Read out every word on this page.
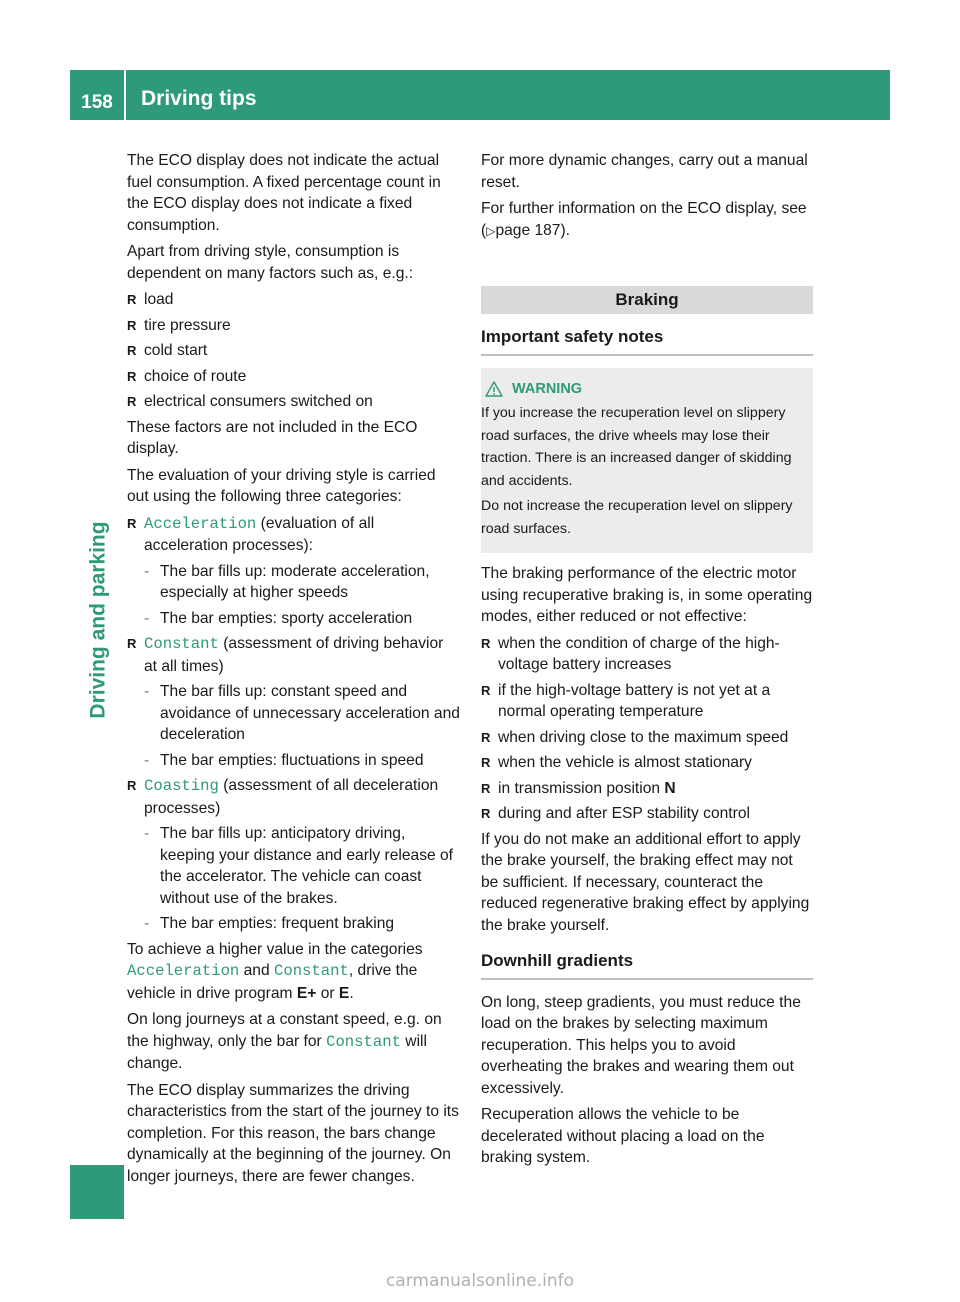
158	Driving tips
Driving and parking

The ECO display does not indicate the actual fuel consumption. A fixed percentage count in the ECO display does not indicate a fixed consumption.

Apart from driving style, consumption is dependent on many factors such as, e.g.:

R load
R tire pressure
R cold start
R choice of route
R electrical consumers switched on

These factors are not included in the ECO display.

The evaluation of your driving style is carried out using the following three categories:

R Acceleration (evaluation of all acceleration processes):
- The bar fills up: moderate acceleration, especially at higher speeds
- The bar empties: sporty acceleration
R Constant (assessment of driving behavior at all times)
- The bar fills up: constant speed and avoidance of unnecessary acceleration and deceleration
- The bar empties: fluctuations in speed
R Coasting (assessment of all deceleration processes)
- The bar fills up: anticipatory driving, keeping your distance and early release of the accelerator. The vehicle can coast without use of the brakes.
- The bar empties: frequent braking

To achieve a higher value in the categories Acceleration and Constant, drive the vehicle in drive program E+ or E.

On long journeys at a constant speed, e.g. on the highway, only the bar for Constant will change.

The ECO display summarizes the driving characteristics from the start of the journey to its completion. For this reason, the bars change dynamically at the beginning of the journey. On longer journeys, there are fewer changes.

For more dynamic changes, carry out a manual reset.

For further information on the ECO display, see (▷page 187).

Braking
Important safety notes
WARNING

If you increase the recuperation level on slippery road surfaces, the drive wheels may lose their traction. There is an increased danger of skidding and accidents.

Do not increase the recuperation level on slippery road surfaces.

The braking performance of the electric motor using recuperative braking is, in some operating modes, either reduced or not effective:

R when the condition of charge of the high-voltage battery increases
R if the high-voltage battery is not yet at a normal operating temperature
R when driving close to the maximum speed
R when the vehicle is almost stationary
R in transmission position N
R during and after ESP stability control

If you do not make an additional effort to apply the brake yourself, the braking effect may not be sufficient. If necessary, counteract the reduced regenerative braking effect by applying the brake yourself.

Downhill gradients

On long, steep gradients, you must reduce the load on the brakes by selecting maximum recuperation. This helps you to avoid overheating the brakes and wearing them out excessively.

Recuperation allows the vehicle to be decelerated without placing a load on the braking system.

carmanualsonline.info
